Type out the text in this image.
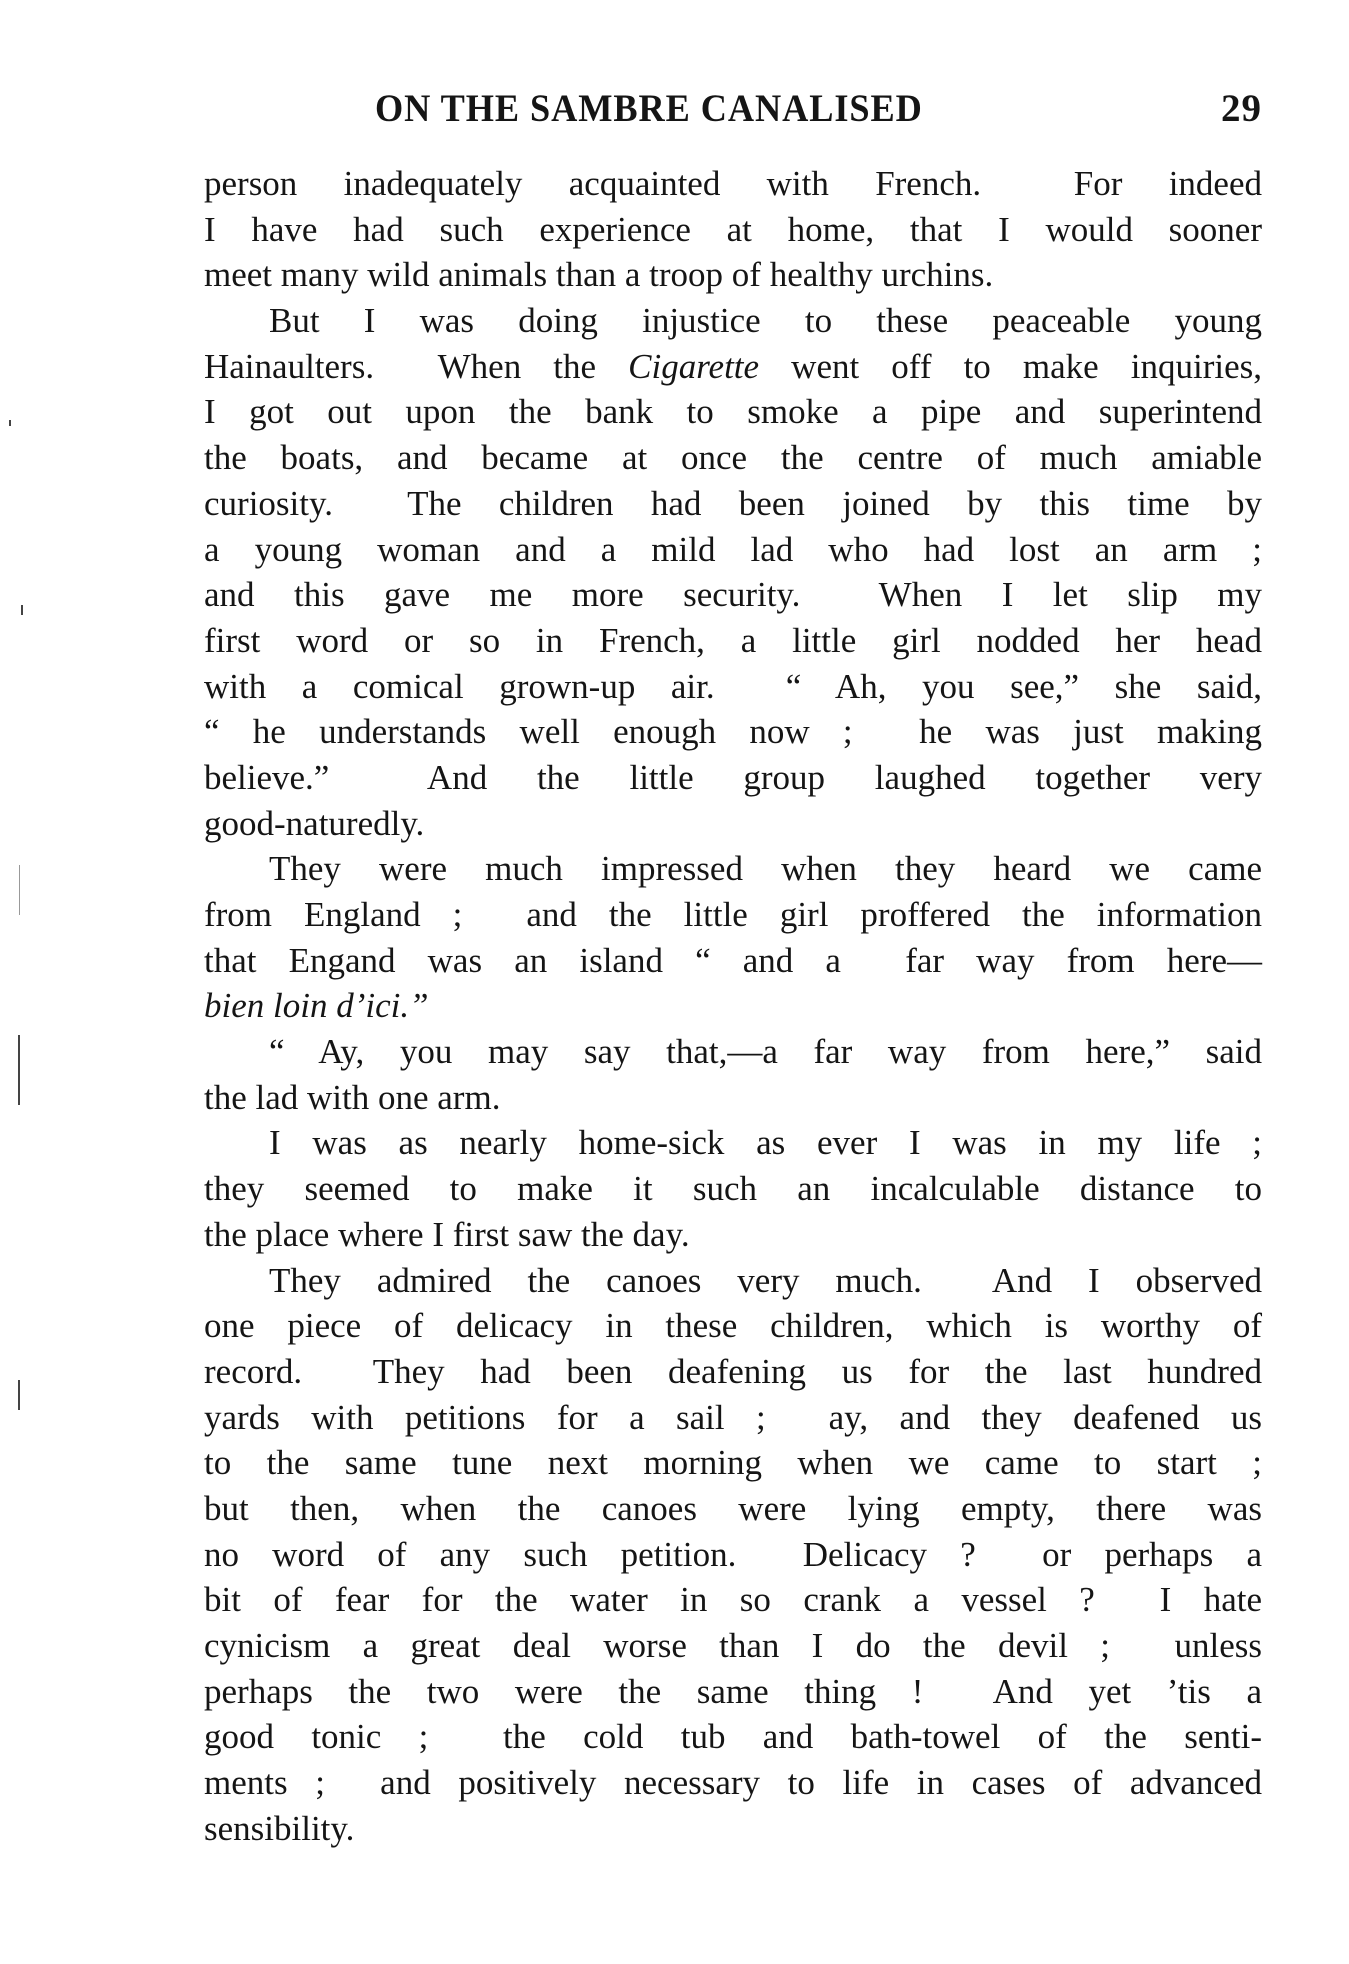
ON THE SAMBRE CANALISED	29
person inadequately acquainted with French.  For indeed
I have had such experience at home, that I would sooner
meet many wild animals than a troop of healthy urchins.
But I was doing injustice to these peaceable young
Hainaulters.  When the Cigarette went off to make inquiries,
I got out upon the bank to smoke a pipe and superintend
the boats, and became at once the centre of much amiable
curiosity.  The children had been joined by this time by
a young woman and a mild lad who had lost an arm ;
and this gave me more security.  When I let slip my
first word or so in French, a little girl nodded her head
with a comical grown-up air.  “ Ah, you see,” she said,
“ he understands well enough now ;  he was just making
believe.”  And the little group laughed together very
good-naturedly.
They were much impressed when they heard we came
from England ;  and the little girl proffered the information
that Engand was an island “ and a  far way from here—
bien loin d’ici.”
“ Ay, you may say that,—a far way from here,” said
the lad with one arm.
I was as nearly home-sick as ever I was in my life ;
they seemed to make it such an incalculable distance to
the place where I first saw the day.
They admired the canoes very much.  And I observed
one piece of delicacy in these children, which is worthy of
record.  They had been deafening us for the last hundred
yards with petitions for a sail ;  ay, and they deafened us
to the same tune next morning when we came to start ;
but then, when the canoes were lying empty, there was
no word of any such petition.  Delicacy ?  or perhaps a
bit of fear for the water in so crank a vessel ?  I hate
cynicism a great deal worse than I do the devil ;  unless
perhaps the two were the same thing !  And yet ’tis a
good tonic ;  the cold tub and bath-towel of the senti-
ments ;  and positively necessary to life in cases of advanced
sensibility.
